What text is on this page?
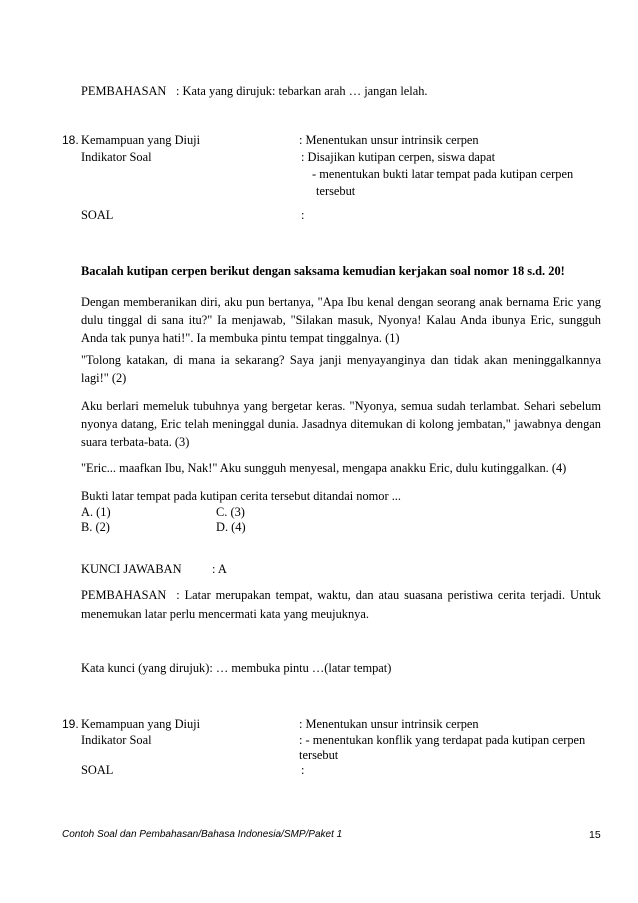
PEMBAHASAN : Kata yang dirujuk: tebarkan arah … jangan lelah.
18. Kemampuan yang Diuji	: Menentukan unsur intrinsik cerpen
Indikator Soal	: Disajikan kutipan cerpen, siswa dapat
- menentukan bukti latar tempat pada kutipan cerpen
tersebut
SOAL	:
Bacalah kutipan cerpen berikut dengan saksama kemudian kerjakan soal nomor 18 s.d. 20!
Dengan memberanikan diri, aku pun bertanya, "Apa Ibu kenal dengan seorang anak bernama Eric yang dulu tinggal di sana itu?" Ia menjawab, "Silakan masuk, Nyonya! Kalau Anda ibunya Eric, sungguh Anda tak punya hati!". Ia membuka pintu tempat tinggalnya. (1)
"Tolong katakan, di mana ia sekarang? Saya janji menyayanginya dan tidak akan meninggalkannya lagi!" (2)
Aku berlari memeluk tubuhnya yang bergetar keras. "Nyonya, semua sudah terlambat. Sehari sebelum nyonya datang, Eric telah meninggal dunia. Jasadnya ditemukan di kolong jembatan," jawabnya dengan suara terbata-bata. (3)
"Eric... maafkan Ibu, Nak!" Aku sungguh menyesal, mengapa anakku Eric, dulu kutinggalkan. (4)
Bukti latar tempat pada kutipan cerita tersebut ditandai nomor ...
A. (1)	C. (3)
B. (2)	D. (4)
KUNCI JAWABAN : A
PEMBAHASAN : Latar merupakan tempat, waktu, dan atau suasana peristiwa cerita terjadi. Untuk menemukan latar perlu mencermati kata yang meujuknya.
Kata kunci (yang dirujuk): … membuka pintu …(latar tempat)
19. Kemampuan yang Diuji	: Menentukan unsur intrinsik cerpen
Indikator Soal	: - menentukan konflik yang terdapat pada kutipan cerpen
tersebut
SOAL	:
Contoh Soal dan Pembahasan/Bahasa Indonesia/SMP/Paket 1	15
